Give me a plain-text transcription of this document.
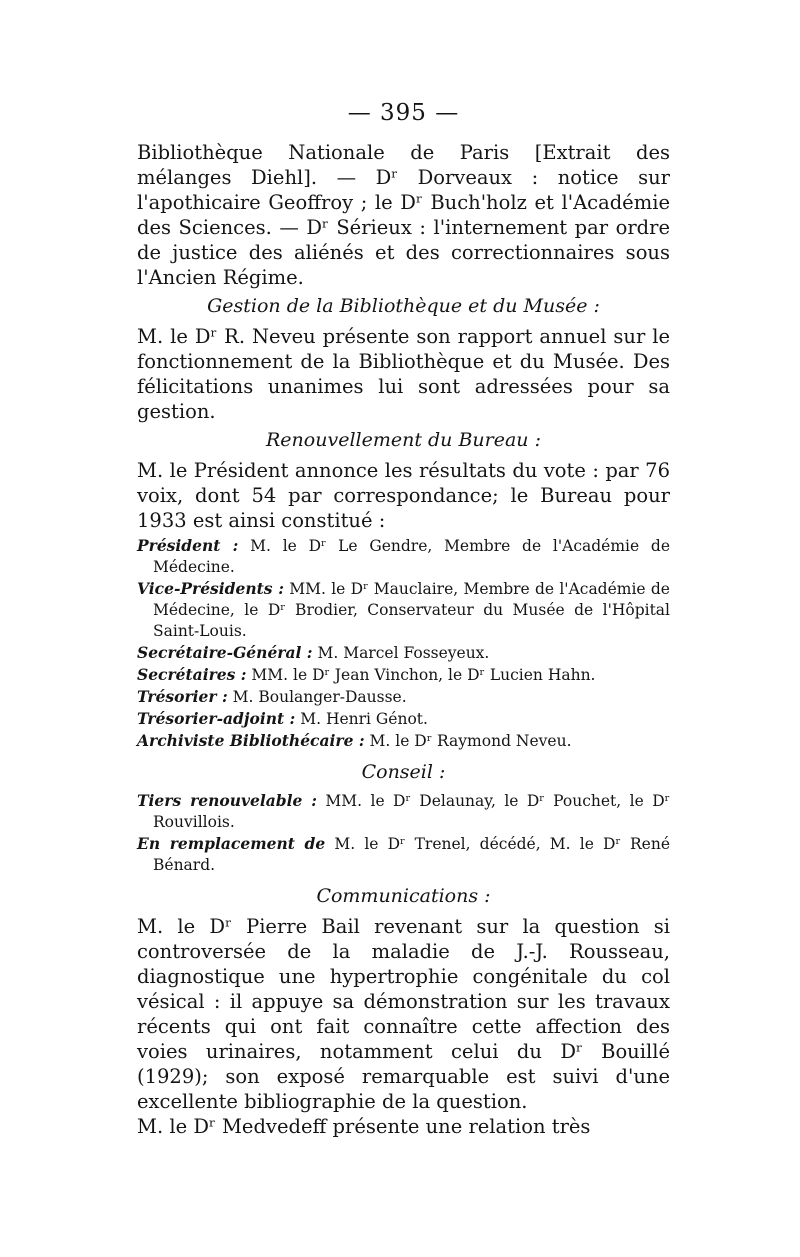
— 395 —

Bibliothèque Nationale de Paris [Extrait des mélanges Diehl]. — Dʳ Dorveaux : notice sur l'apothicaire Geoffroy ; le Dʳ Buch'holz et l'Académie des Sciences. — Dʳ Sérieux : l'internement par ordre de justice des aliénés et des correctionnaires sous l'Ancien Régime.

Gestion de la Bibliothèque et du Musée :

M. le Dʳ R. Neveu présente son rapport annuel sur le fonctionnement de la Bibliothèque et du Musée. Des félicitations unanimes lui sont adressées pour sa gestion.

Renouvellement du Bureau :

M. le Président annonce les résultats du vote : par 76 voix, dont 54 par correspondance; le Bureau pour 1933 est ainsi constitué :

Président : M. le Dʳ Le Gendre, Membre de l'Académie de Médecine.

Vice-Présidents : MM. le Dʳ Mauclaire, Membre de l'Académie de Médecine, le Dʳ Brodier, Conservateur du Musée de l'Hôpital Saint-Louis.

Secrétaire-Général : M. Marcel Fosseyeux.

Secrétaires : MM. le Dʳ Jean Vinchon, le Dʳ Lucien Hahn.

Trésorier : M. Boulanger-Dausse.

Trésorier-adjoint : M. Henri Génot.

Archiviste Bibliothécaire : M. le Dʳ Raymond Neveu.

Conseil :

Tiers renouvelable : MM. le Dʳ Delaunay, le Dʳ Pouchet, le Dʳ Rouvillois.

En remplacement de M. le Dʳ Trenel, décédé, M. le Dʳ René Bénard.

Communications :

M. le Dʳ Pierre Bail revenant sur la question si controversée de la maladie de J.-J. Rousseau, diagnostique une hypertrophie congénitale du col vésical : il appuye sa démonstration sur les travaux récents qui ont fait connaître cette affection des voies urinaires, notamment celui du Dʳ Bouillé (1929); son exposé remarquable est suivi d'une excellente bibliographie de la question.

M. le Dʳ Medvedeff présente une relation très
